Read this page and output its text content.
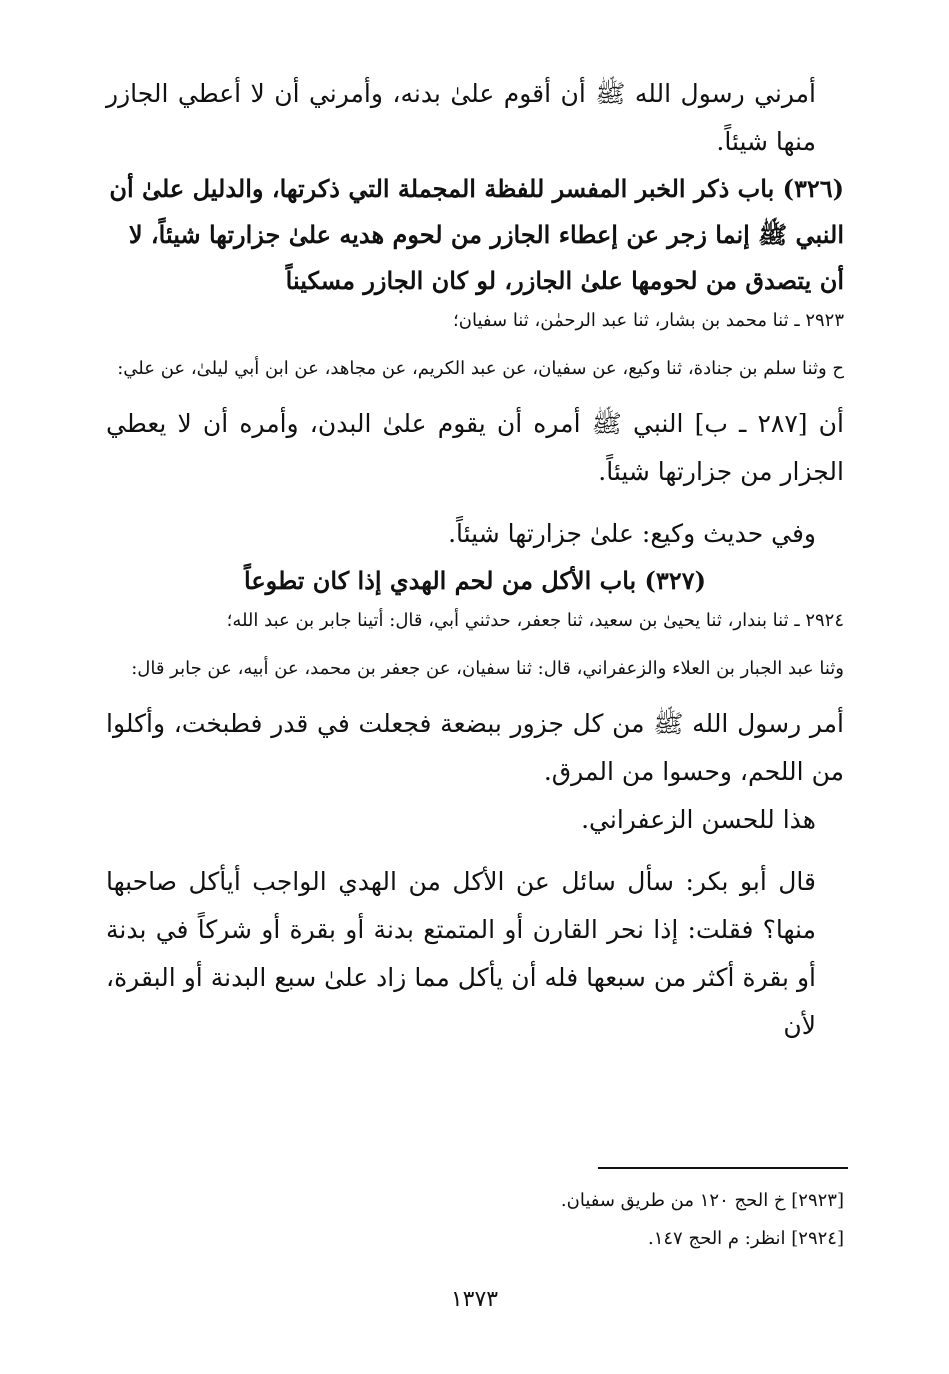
أمرني رسول الله ﷺ أن أقوم علىٰ بدنه، وأمرني أن لا أعطي الجازر منها شيئاً.

(٣٢٦) باب ذكر الخبر المفسر للفظة المجملة التي ذكرتها، والدليل علىٰ أن النبي ﷺ إنما زجر عن إعطاء الجازر من لحوم هديه علىٰ جزارتها شيئاً، لا أن يتصدق من لحومها علىٰ الجازر، لو كان الجازر مسكيناً

٢٩٢٣ ـ ثنا محمد بن بشار، ثنا عبد الرحمٰن، ثنا سفيان؛

ح وثنا سلم بن جنادة، ثنا وكيع، عن سفيان، عن عبد الكريم، عن مجاهد، عن ابن أبي ليلىٰ، عن علي:

أن [٢٨٧ ـ ب] النبي ﷺ أمره أن يقوم علىٰ البدن، وأمره أن لا يعطي الجزار من جزارتها شيئاً.

وفي حديث وكيع: علىٰ جزارتها شيئاً.

(٣٢٧) باب الأكل من لحم الهدي إذا كان تطوعاً

٢٩٢٤ ـ ثنا بندار، ثنا يحيىٰ بن سعيد، ثنا جعفر، حدثني أبي، قال: أتينا جابر بن عبد الله؛

وثنا عبد الجبار بن العلاء والزعفراني، قال: ثنا سفيان، عن جعفر بن محمد، عن أبيه، عن جابر قال:

أمر رسول الله ﷺ من كل جزور ببضعة فجعلت في قدر فطبخت، وأكلوا من اللحم، وحسوا من المرق.

هذا للحسن الزعفراني.

قال أبو بكر: سأل سائل عن الأكل من الهدي الواجب أيأكل صاحبها منها؟ فقلت: إذا نحر القارن أو المتمتع بدنة أو بقرة أو شركاً في بدنة أو بقرة أكثر من سبعها فله أن يأكل مما زاد علىٰ سبع البدنة أو البقرة، لأن

[٢٩٢٣] خ الحج ١٢٠ من طريق سفيان.
[٢٩٢٤] انظر: م الحج ١٤٧.
١٣٧٣
